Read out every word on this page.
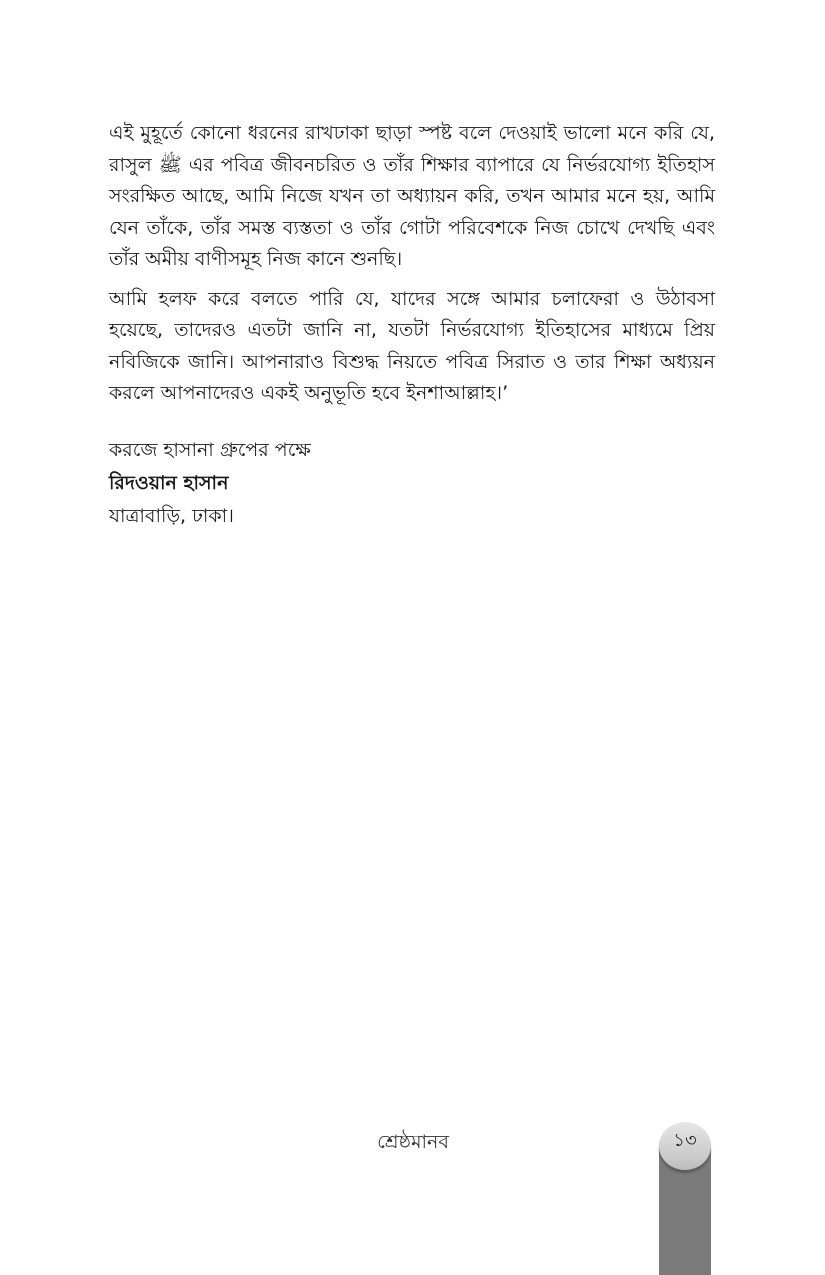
এই মুহূর্তে কোনো ধরনের রাখঢাকা ছাড়া স্পষ্ট বলে দেওয়াই ভালো মনে করি যে, রাসুল ﷺ এর পবিত্র জীবনচরিত ও তাঁর শিক্ষার ব্যাপারে যে নির্ভরযোগ্য ইতিহাস সংরক্ষিত আছে, আমি নিজে যখন তা অধ্যায়ন করি, তখন আমার মনে হয়, আমি যেন তাঁকে, তাঁর সমস্ত ব্যস্ততা ও তাঁর গোটা পরিবেশকে নিজ চোখে দেখছি এবং তাঁর অমীয় বাণীসমূহ নিজ কানে শুনছি।

আমি হলফ করে বলতে পারি যে, যাদের সঙ্গে আমার চলাফেরা ও উঠাবসা হয়েছে, তাদেরও এতটা জানি না, যতটা নির্ভরযোগ্য ইতিহাসের মাধ্যমে প্রিয় নবিজিকে জানি। আপনারাও বিশুদ্ধ নিয়তে পবিত্র সিরাত ও তার শিক্ষা অধ্যয়ন করলে আপনাদেরও একই অনুভূতি হবে ইনশাআল্লাহ।’

করজে হাসানা গ্রুপের পক্ষে
রিদওয়ান হাসান
যাত্রাবাড়ি, ঢাকা।
শ্রেষ্ঠমানব	১৩
